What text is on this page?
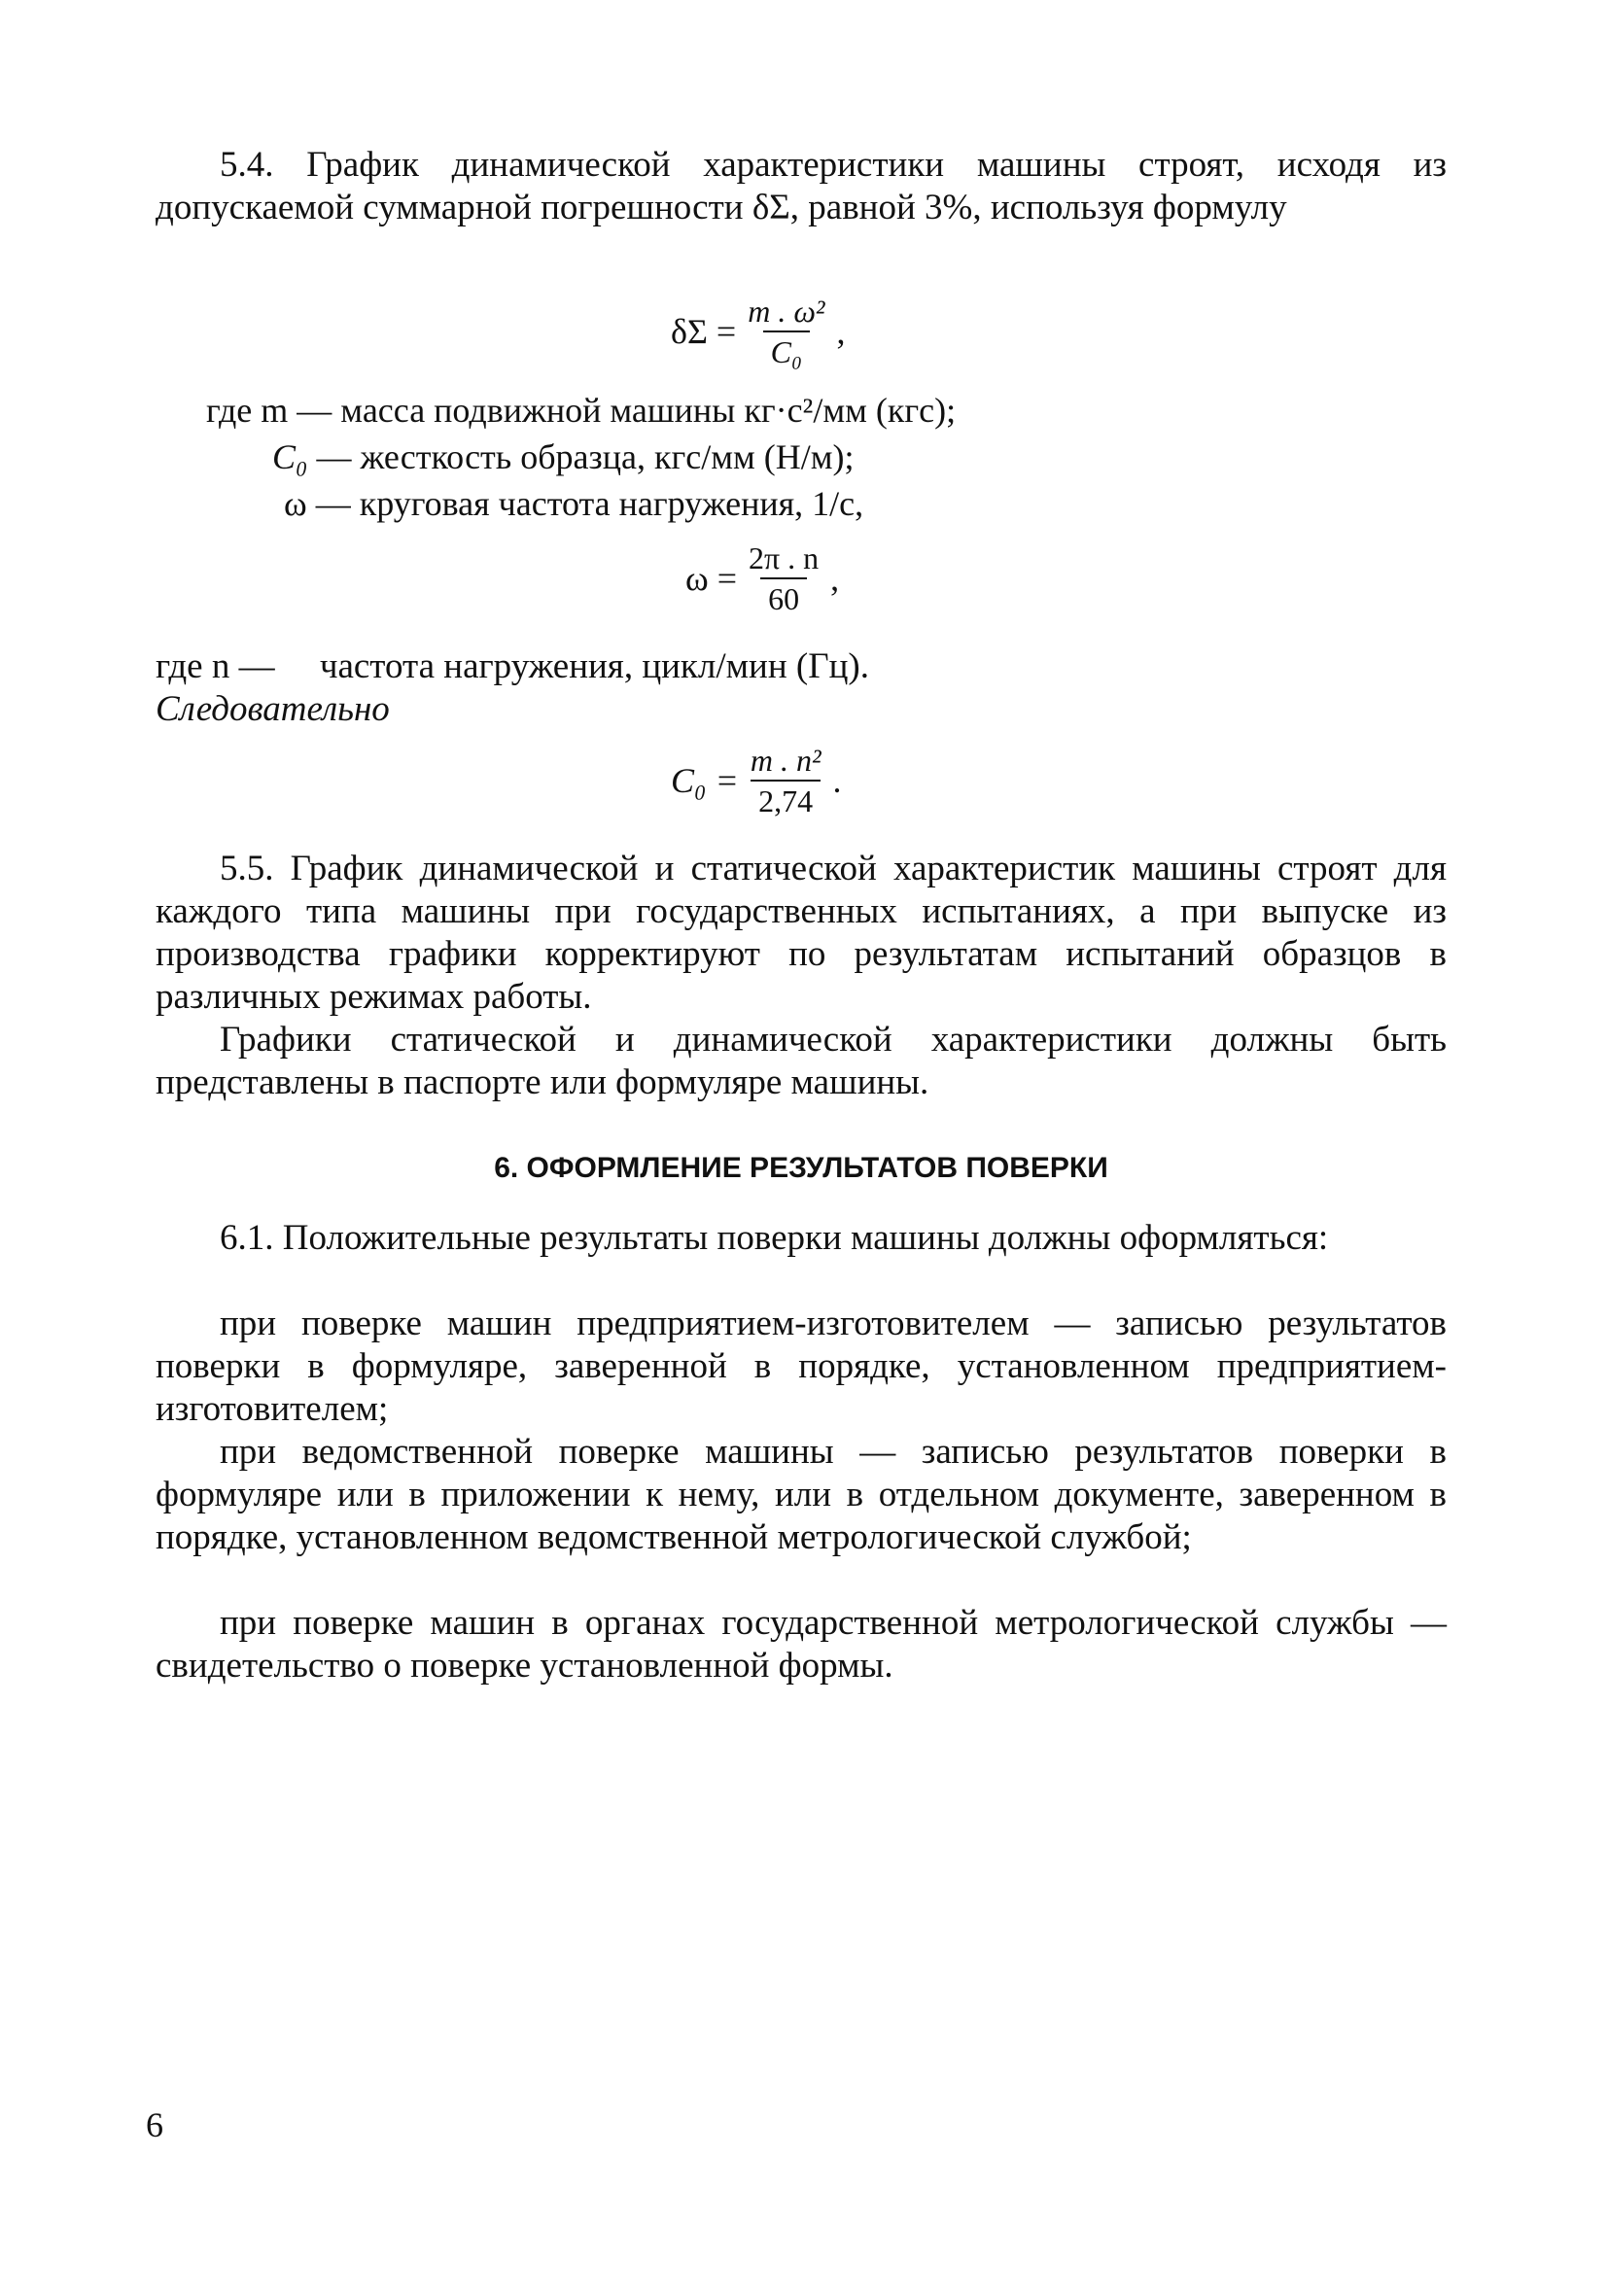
5.4. График динамической характеристики машины строят, исходя из допускаемой суммарной погрешности δΣ, равной 3%, используя формулу

$\delta\Sigma = \frac{\text{m . ω²}}{\text{C₀}}$ ,
где m — масса подвижной машины кг·с²/мм (кгс);
C₀ — жесткость образца, кгс/мм (Н/м);
ω — круговая частота нагружения, 1/с,
$\omega = \frac{2\pi . n}{60}$ ,
где n — частота нагружения, цикл/мин (Гц).
Следовательно
$C_0 = \frac{\text{m . n²}}{2,74}$ .

5.5. График динамической и статической характеристик машины строят для каждого типа машины при государственных испытаниях, а при выпуске из производства графики корректируют по результатам испытаний образцов в различных режимах работы.

Графики статической и динамической характеристики должны быть представлены в паспорте или формуляре машины.

6. ОФОРМЛЕНИЕ РЕЗУЛЬТАТОВ ПОВЕРКИ

6.1. Положительные результаты поверки машины должны оформляться:

при поверке машин предприятием-изготовителем — записью результатов поверки в формуляре, заверенной в порядке, установленном предприятием-изготовителем;

при ведомственной поверке машины — записью результатов поверки в формуляре или в приложении к нему, или в отдельном документе, заверенном в порядке, установленном ведомственной метрологической службой;

при поверке машин в органах государственной метрологической службы — свидетельство о поверке установленной формы.

6
